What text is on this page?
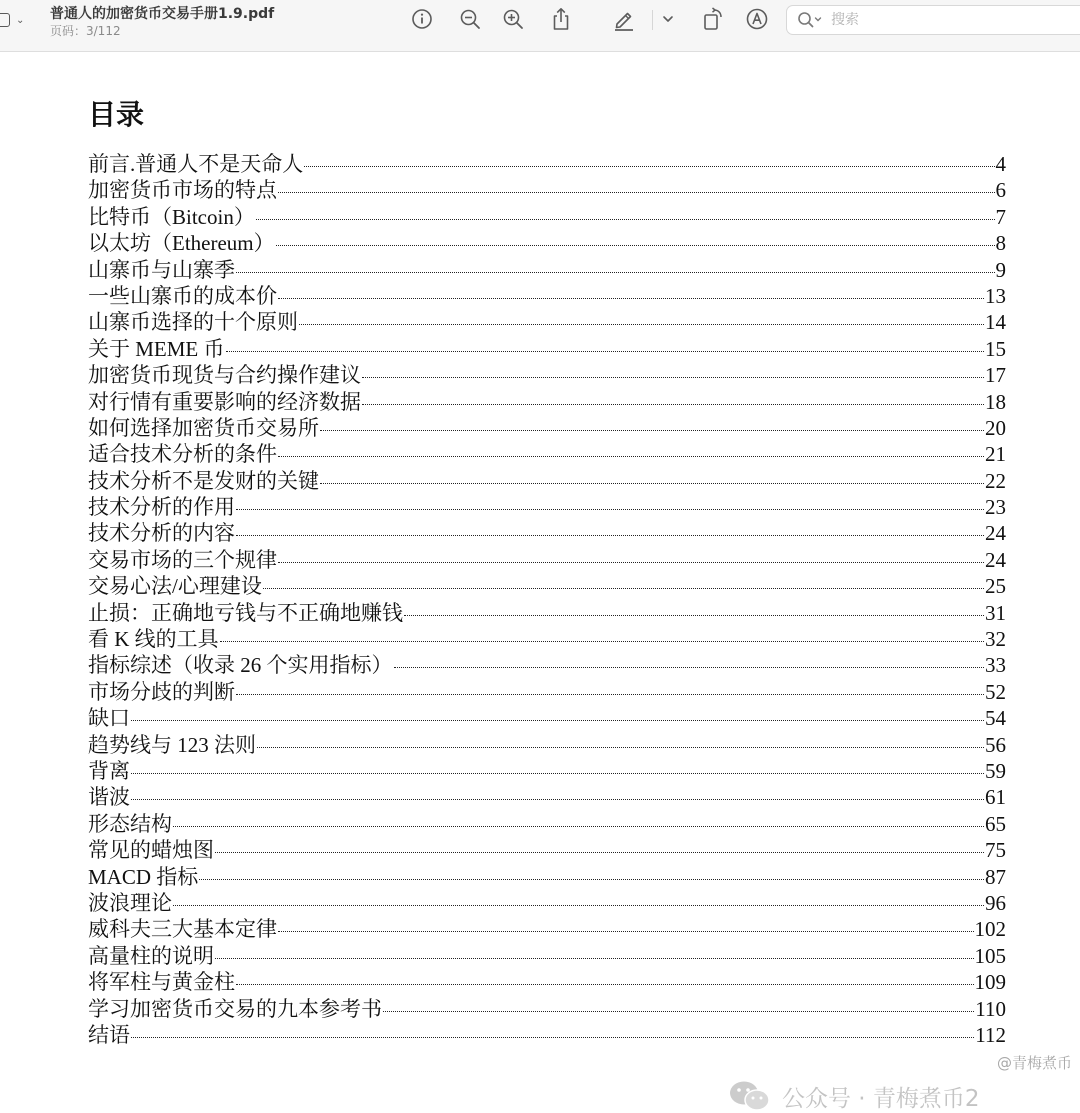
⌄ 普通人的加密货币交易手册1.9.pdf
页码：3/112
搜索
目录
前言.普通人不是天命人	4
加密货币市场的特点	6
比特币（Bitcoin）	7
以太坊（Ethereum）	8
山寨币与山寨季	9
一些山寨币的成本价	13
山寨币选择的十个原则	14
关于 MEME 币	15
加密货币现货与合约操作建议	17
对行情有重要影响的经济数据	18
如何选择加密货币交易所	20
适合技术分析的条件	21
技术分析不是发财的关键	22
技术分析的作用	23
技术分析的内容	24
交易市场的三个规律	24
交易心法/心理建设	25
止损：正确地亏钱与不正确地赚钱	31
看 K 线的工具	32
指标综述（收录 26 个实用指标）	33
市场分歧的判断	52
缺口	54
趋势线与 123 法则	56
背离	59
谐波	61
形态结构	65
常见的蜡烛图	75
MACD 指标	87
波浪理论	96
威科夫三大基本定律	102
高量柱的说明	105
将军柱与黄金柱	109
学习加密货币交易的九本参考书	110
结语	112
公众号 · 青梅煮币2
@青梅煮币
